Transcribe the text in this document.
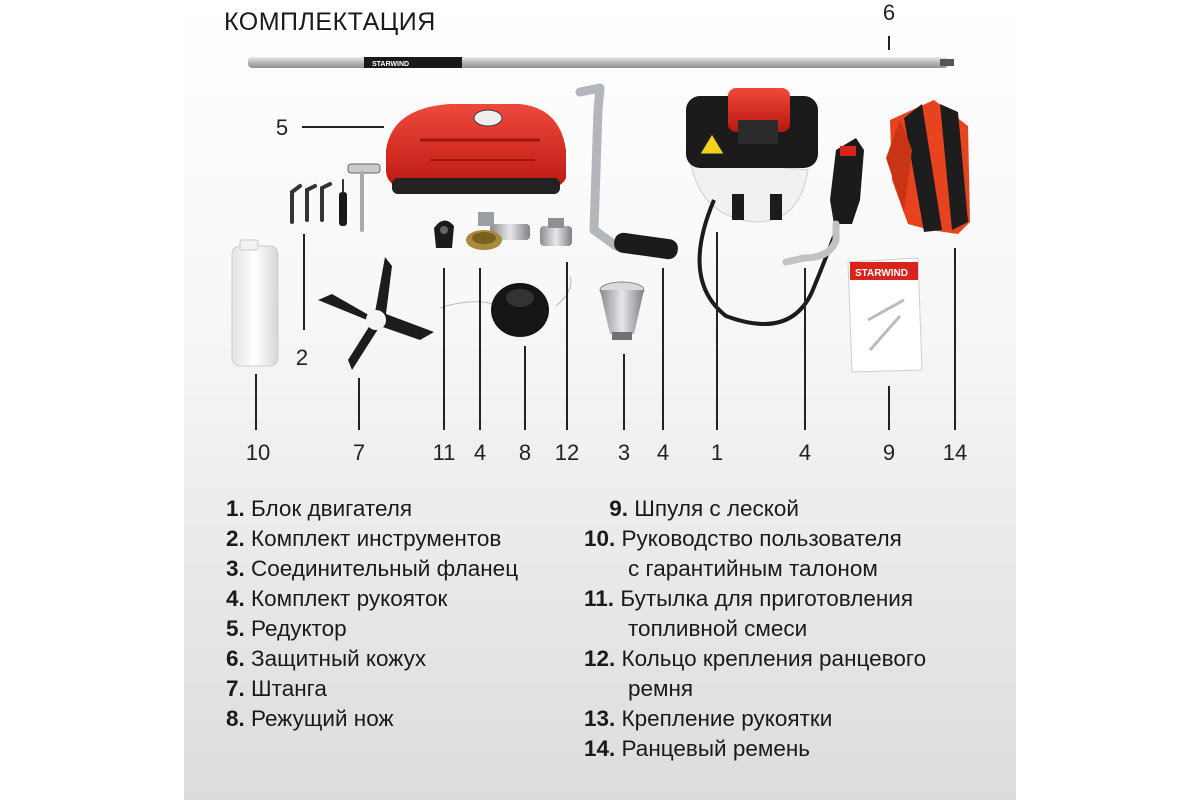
КОМПЛЕКТАЦИЯ
STARWIND
STARWIND
6
5
2
10	7	11 4	8	12	3	4	1	4	9	14
1. Блок двигателя
2. Комплект инструментов
3. Соединительный фланец
4. Комплект рукояток
5. Редуктор
6. Защитный кожух
7. Штанга
8. Режущий нож
9. Шпуля с леской
10. Руководство пользователя
с гарантийным талоном
11. Бутылка для приготовления
топливной смеси
12. Кольцо крепления ранцевого
ремня
13. Крепление рукоятки
14. Ранцевый ремень
